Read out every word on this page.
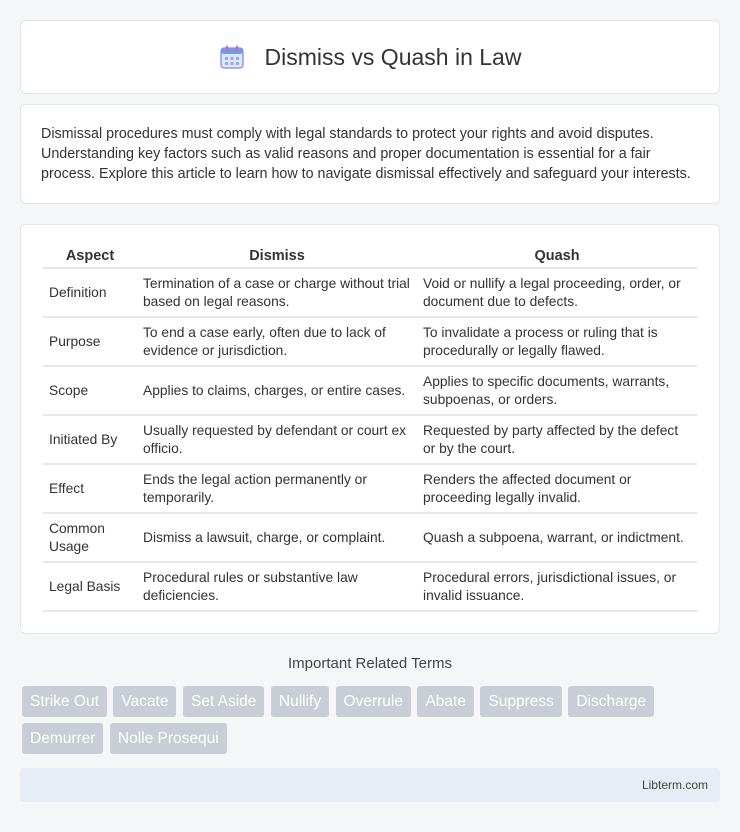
Dismiss vs Quash in Law

Dismissal procedures must comply with legal standards to protect your rights and avoid disputes. Understanding key factors such as valid reasons and proper documentation is essential for a fair process. Explore this article to learn how to navigate dismissal effectively and safeguard your interests.

Aspect	Dismiss	Quash
Definition	Termination of a case or charge without trial based on legal reasons.	Void or nullify a legal proceeding, order, or document due to defects.
Purpose	To end a case early, often due to lack of evidence or jurisdiction.	To invalidate a process or ruling that is procedurally or legally flawed.
Scope	Applies to claims, charges, or entire cases.	Applies to specific documents, warrants, subpoenas, or orders.
Initiated By	Usually requested by defendant or court ex officio.	Requested by party affected by the defect or by the court.
Effect	Ends the legal action permanently or temporarily.	Renders the affected document or proceeding legally invalid.
Common Usage	Dismiss a lawsuit, charge, or complaint.	Quash a subpoena, warrant, or indictment.
Legal Basis	Procedural rules or substantive law deficiencies.	Procedural errors, jurisdictional issues, or invalid issuance.
Important Related Terms
Strike Out Vacate Set Aside Nullify Overrule Abate Suppress Discharge Demurrer Nolle Prosequi
Libterm.com
